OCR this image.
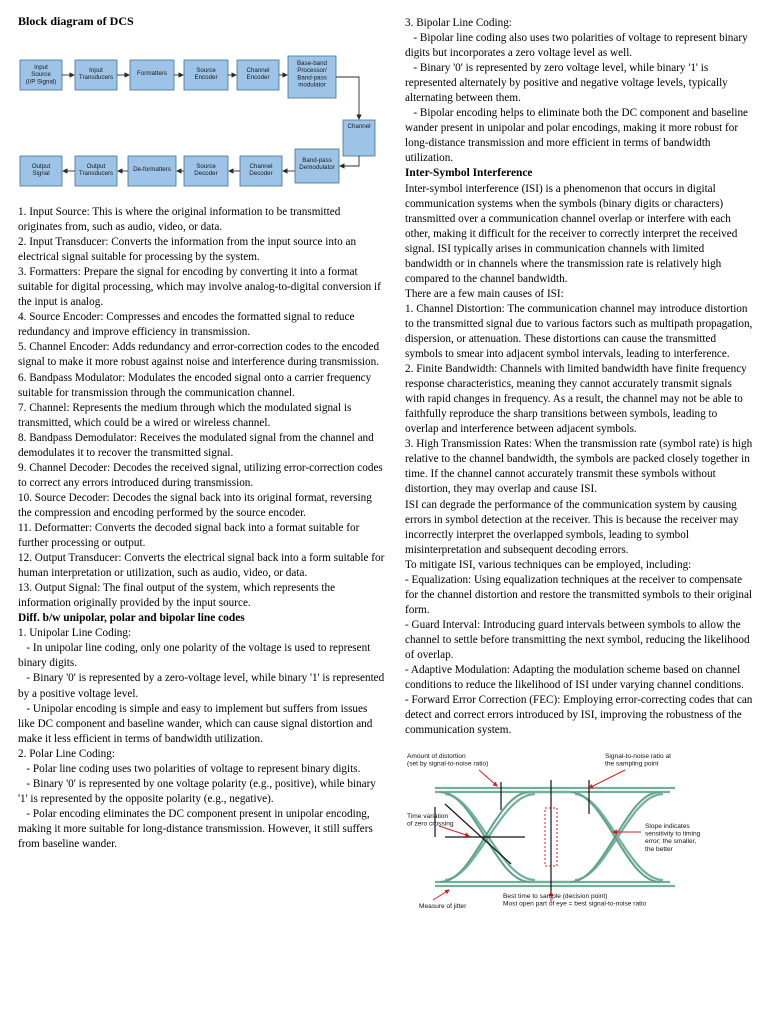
Block diagram of DCS

Input Source (I/P Signal)
Input Transducers
Formatters	Source Encoder
Channel Encoder
Base-band Processor/ Band-pass modulator
Channel
Band-pass Demodulator
Channel Decoder
Source Decoder
De-formatters
Output Transducers
Output Signal

1. Input Source: This is where the original information to be transmitted originates from, such as audio, video, or data.

2. Input Transducer: Converts the information from the input source into an electrical signal suitable for processing by the system.

3. Formatters: Prepare the signal for encoding by converting it into a format suitable for digital processing, which may involve analog-to-digital conversion if the input is analog.

4. Source Encoder: Compresses and encodes the formatted signal to reduce redundancy and improve efficiency in transmission.

5. Channel Encoder: Adds redundancy and error-correction codes to the encoded signal to make it more robust against noise and interference during transmission.

6. Bandpass Modulator: Modulates the encoded signal onto a carrier frequency suitable for transmission through the communication channel.

7. Channel: Represents the medium through which the modulated signal is transmitted, which could be a wired or wireless channel.

8. Bandpass Demodulator: Receives the modulated signal from the channel and demodulates it to recover the transmitted signal.

9. Channel Decoder: Decodes the received signal, utilizing error-correction codes to correct any errors introduced during transmission.

10. Source Decoder: Decodes the signal back into its original format, reversing the compression and encoding performed by the source encoder.

11. Deformatter: Converts the decoded signal back into a format suitable for further processing or output.

12. Output Transducer: Converts the electrical signal back into a form suitable for human interpretation or utilization, such as audio, video, or data.

13. Output Signal: The final output of the system, which represents the information originally provided by the input source.

Diff. b/w unipolar, polar and bipolar line codes

1. Unipolar Line Coding:

- In unipolar line coding, only one polarity of the voltage is used to represent binary digits.

- Binary '0' is represented by a zero-voltage level, while binary '1' is represented by a positive voltage level.

- Unipolar encoding is simple and easy to implement but suffers from issues like DC component and baseline wander, which can cause signal distortion and make it less efficient in terms of bandwidth utilization.

2. Polar Line Coding:

- Polar line coding uses two polarities of voltage to represent binary digits.

- Binary '0' is represented by one voltage polarity (e.g., positive), while binary '1' is represented by the opposite polarity (e.g., negative).

- Polar encoding eliminates the DC component present in unipolar encoding, making it more suitable for long-distance transmission. However, it still suffers from baseline wander.

3. Bipolar Line Coding:

- Bipolar line coding also uses two polarities of voltage to represent binary digits but incorporates a zero voltage level as well.

- Binary '0' is represented by zero voltage level, while binary '1' is represented alternately by positive and negative voltage levels, typically alternating between them.

- Bipolar encoding helps to eliminate both the DC component and baseline wander present in unipolar and polar encodings, making it more robust for long-distance transmission and more efficient in terms of bandwidth utilization.

Inter-Symbol Interference

Inter-symbol interference (ISI) is a phenomenon that occurs in digital communication systems when the symbols (binary digits or characters) transmitted over a communication channel overlap or interfere with each other, making it difficult for the receiver to correctly interpret the received signal. ISI typically arises in communication channels with limited bandwidth or in channels where the transmission rate is relatively high compared to the channel bandwidth.

There are a few main causes of ISI:

1. Channel Distortion: The communication channel may introduce distortion to the transmitted signal due to various factors such as multipath propagation, dispersion, or attenuation. These distortions can cause the transmitted symbols to smear into adjacent symbol intervals, leading to interference.

2. Finite Bandwidth: Channels with limited bandwidth have finite frequency response characteristics, meaning they cannot accurately transmit signals with rapid changes in frequency. As a result, the channel may not be able to faithfully reproduce the sharp transitions between symbols, leading to overlap and interference between adjacent symbols.

3. High Transmission Rates: When the transmission rate (symbol rate) is high relative to the channel bandwidth, the symbols are packed closely together in time. If the channel cannot accurately transmit these symbols without distortion, they may overlap and cause ISI.

ISI can degrade the performance of the communication system by causing errors in symbol detection at the receiver. This is because the receiver may incorrectly interpret the overlapped symbols, leading to symbol misinterpretation and subsequent decoding errors.

To mitigate ISI, various techniques can be employed, including:

- Equalization: Using equalization techniques at the receiver to compensate for the channel distortion and restore the transmitted symbols to their original form.

- Guard Interval: Introducing guard intervals between symbols to allow the channel to settle before transmitting the next symbol, reducing the likelihood of overlap.

- Adaptive Modulation: Adapting the modulation scheme based on channel conditions to reduce the likelihood of ISI under varying channel conditions.

- Forward Error Correction (FEC): Employing error-correcting codes that can detect and correct errors introduced by ISI, improving the robustness of the communication system.

Amount of distortion (set by signal-to-noise ratio)
Signal-to-noise ratio at the sampling point
Time variation of zero crossing	Slope indicates sensitivity to timing error; the smaller, the better
Measure of jitter
Best time to sample (decision point) Most open part of eye = best signal-to-noise ratio
